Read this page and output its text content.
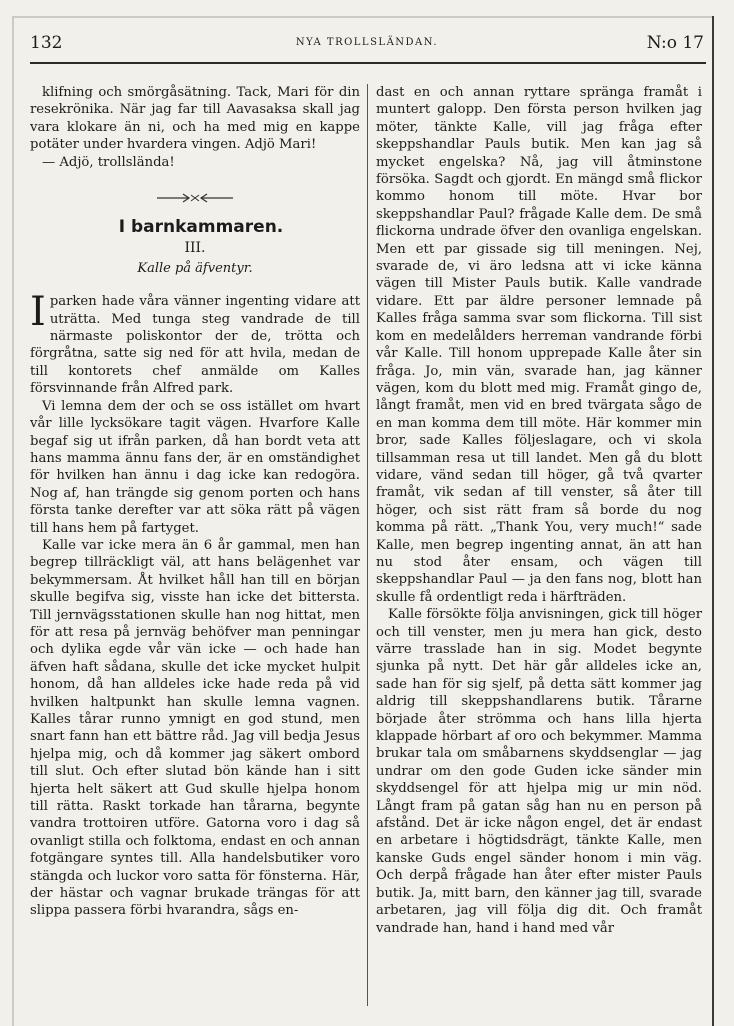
132	NYA TROLLSLÄNDAN.	N:o 17

klifning och smörgåsätning. Tack, Mari för din resekrönika. När jag far till Aavasaksa skall jag vara klokare än ni, och ha med mig en kappe potäter under hvardera vingen. Adjö Mari!

— Adjö, trollslända!

I barnkammaren.
III.
Kalle på äfventyr.

Iparken hade våra vänner ingenting vidare att uträtta. Med tunga steg vandrade de till närmaste poliskontor der de, trötta och förgråtna, satte sig ned för att hvila, medan de till kontorets chef anmälde om Kalles försvinnande från Alfred park.

Vi lemna dem der och se oss istället om hvart vår lille lycksökare tagit vägen. Hvarfore Kalle begaf sig ut ifrån parken, då han bordt veta att hans mamma ännu fans der, är en omständighet för hvilken han ännu i dag icke kan redogöra. Nog af, han trängde sig genom porten och hans första tanke derefter var att söka rätt på vägen till hans hem på fartyget.

Kalle var icke mera än 6 år gammal, men han begrep tillräckligt väl, att hans belägenhet var bekymmersam. Åt hvilket håll han till en början skulle begifva sig, visste han icke det bittersta. Till jernvägsstationen skulle han nog hittat, men för att resa på jernväg behöfver man penningar och dylika egde vår vän icke — och hade han äfven haft sådana, skulle det icke mycket hulpit honom, då han alldeles icke hade reda på vid hvilken haltpunkt han skulle lemna vagnen. Kalles tårar runno ymnigt en god stund, men snart fann han ett bättre råd. Jag vill bedja Jesus hjelpa mig, och då kommer jag säkert ombord till slut. Och efter slutad bön kände han i sitt hjerta helt säkert att Gud skulle hjelpa honom till rätta. Raskt torkade han tårarna, begynte vandra trottoiren utföre. Gatorna voro i dag så ovanligt stilla och folktoma, endast en och annan fotgängare syntes till. Alla handelsbutiker voro stängda och luckor voro satta för fönsterna. Här, der hästar och vagnar brukade trängas för att slippa passera förbi hvarandra, sågs en-

dast en och annan ryttare spränga framåt i muntert galopp. Den första person hvilken jag möter, tänkte Kalle, vill jag fråga efter skeppshandlar Pauls butik. Men kan jag så mycket engelska? Nå, jag vill åtminstone försöka. Sagdt och gjordt. En mängd små flickor kommo honom till möte. Hvar bor skeppshandlar Paul? frågade Kalle dem. De små flickorna undrade öfver den ovanliga engelskan. Men ett par gissade sig till meningen. Nej, svarade de, vi äro ledsna att vi icke känna vägen till Mister Pauls butik. Kalle vandrade vidare. Ett par äldre personer lemnade på Kalles fråga samma svar som flickorna. Till sist kom en medelålders herreman vandrande förbi vår Kalle. Till honom upprepade Kalle åter sin fråga. Jo, min vän, svarade han, jag känner vägen, kom du blott med mig. Framåt gingo de, långt framåt, men vid en bred tvärgata sågo de en man komma dem till möte. Här kommer min bror, sade Kalles följeslagare, och vi skola tillsamman resa ut till landet. Men gå du blott vidare, vänd sedan till höger, gå två qvarter framåt, vik sedan af till venster, så åter till höger, och sist rätt fram så borde du nog komma på rätt. „Thank You, very much!“ sade Kalle, men begrep ingenting annat, än att han nu stod åter ensam, och vägen till skeppshandlar Paul — ja den fans nog, blott han skulle få ordentligt reda i härfträden.

Kalle försökte följa anvisningen, gick till höger och till venster, men ju mera han gick, desto värre trasslade han in sig. Modet begynte sjunka på nytt. Det här går alldeles icke an, sade han för sig sjelf, på detta sätt kommer jag aldrig till skeppshandlarens butik. Tårarne började åter strömma och hans lilla hjerta klappade hörbart af oro och bekymmer. Mamma brukar tala om småbarnens skyddsenglar — jag undrar om den gode Guden icke sänder min skyddsengel för att hjelpa mig ur min nöd. Långt fram på gatan såg han nu en person på afstånd. Det är icke någon engel, det är endast en arbetare i högtidsdrägt, tänkte Kalle, men kanske Guds engel sänder honom i min väg. Och derpå frågade han åter efter mister Pauls butik. Ja, mitt barn, den känner jag till, svarade arbetaren, jag vill följa dig dit. Och framåt vandrade han, hand i hand med vår
